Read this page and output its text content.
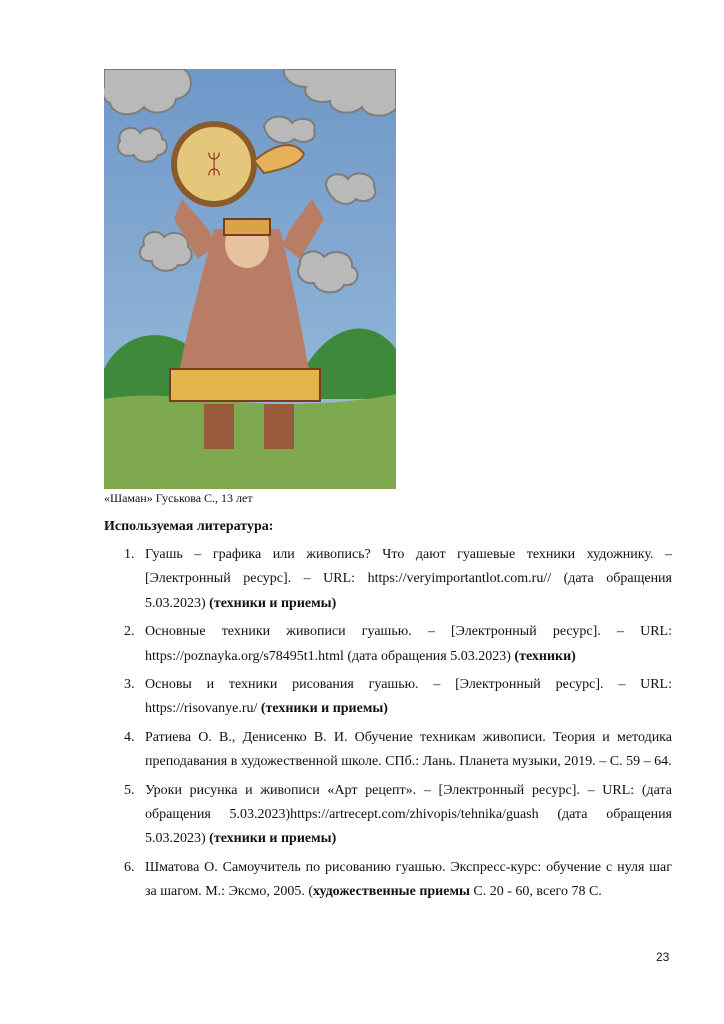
ᛯ
«Шаман» Гуськова С., 13 лет
Используемая литература:
1. Гуашь – графика или живопись? Что дают гуашевые техники художнику. – [Электронный ресурс]. – URL: https://veryimportantlot.com.ru// (дата обращения 5.03.2023) (техники и приемы)
2. Основные техники живописи гуашью. – [Электронный ресурс]. – URL: https://poznayka.org/s78495t1.html (дата обращения 5.03.2023) (техники)
3. Основы и техники рисования гуашью. – [Электронный ресурс]. – URL: https://risovanye.ru/ (техники и приемы)
4. Ратиева О. В., Денисенко В. И. Обучение техникам живописи. Теория и методика преподавания в художественной школе. СПб.: Лань. Планета музыки, 2019. – С. 59 – 64.
5. Уроки рисунка и живописи «Арт рецепт». – [Электронный ресурс]. – URL: (дата обращения 5.03.2023)https://artrecept.com/zhivopis/tehnika/guash (дата обращения 5.03.2023) (техники и приемы)
6. Шматова О. Самоучитель по рисованию гуашью. Экспресс-курс: обучение с нуля шаг за шагом. М.: Эксмо, 2005. (художественные приемы С. 20 - 60, всего 78 С.
23
